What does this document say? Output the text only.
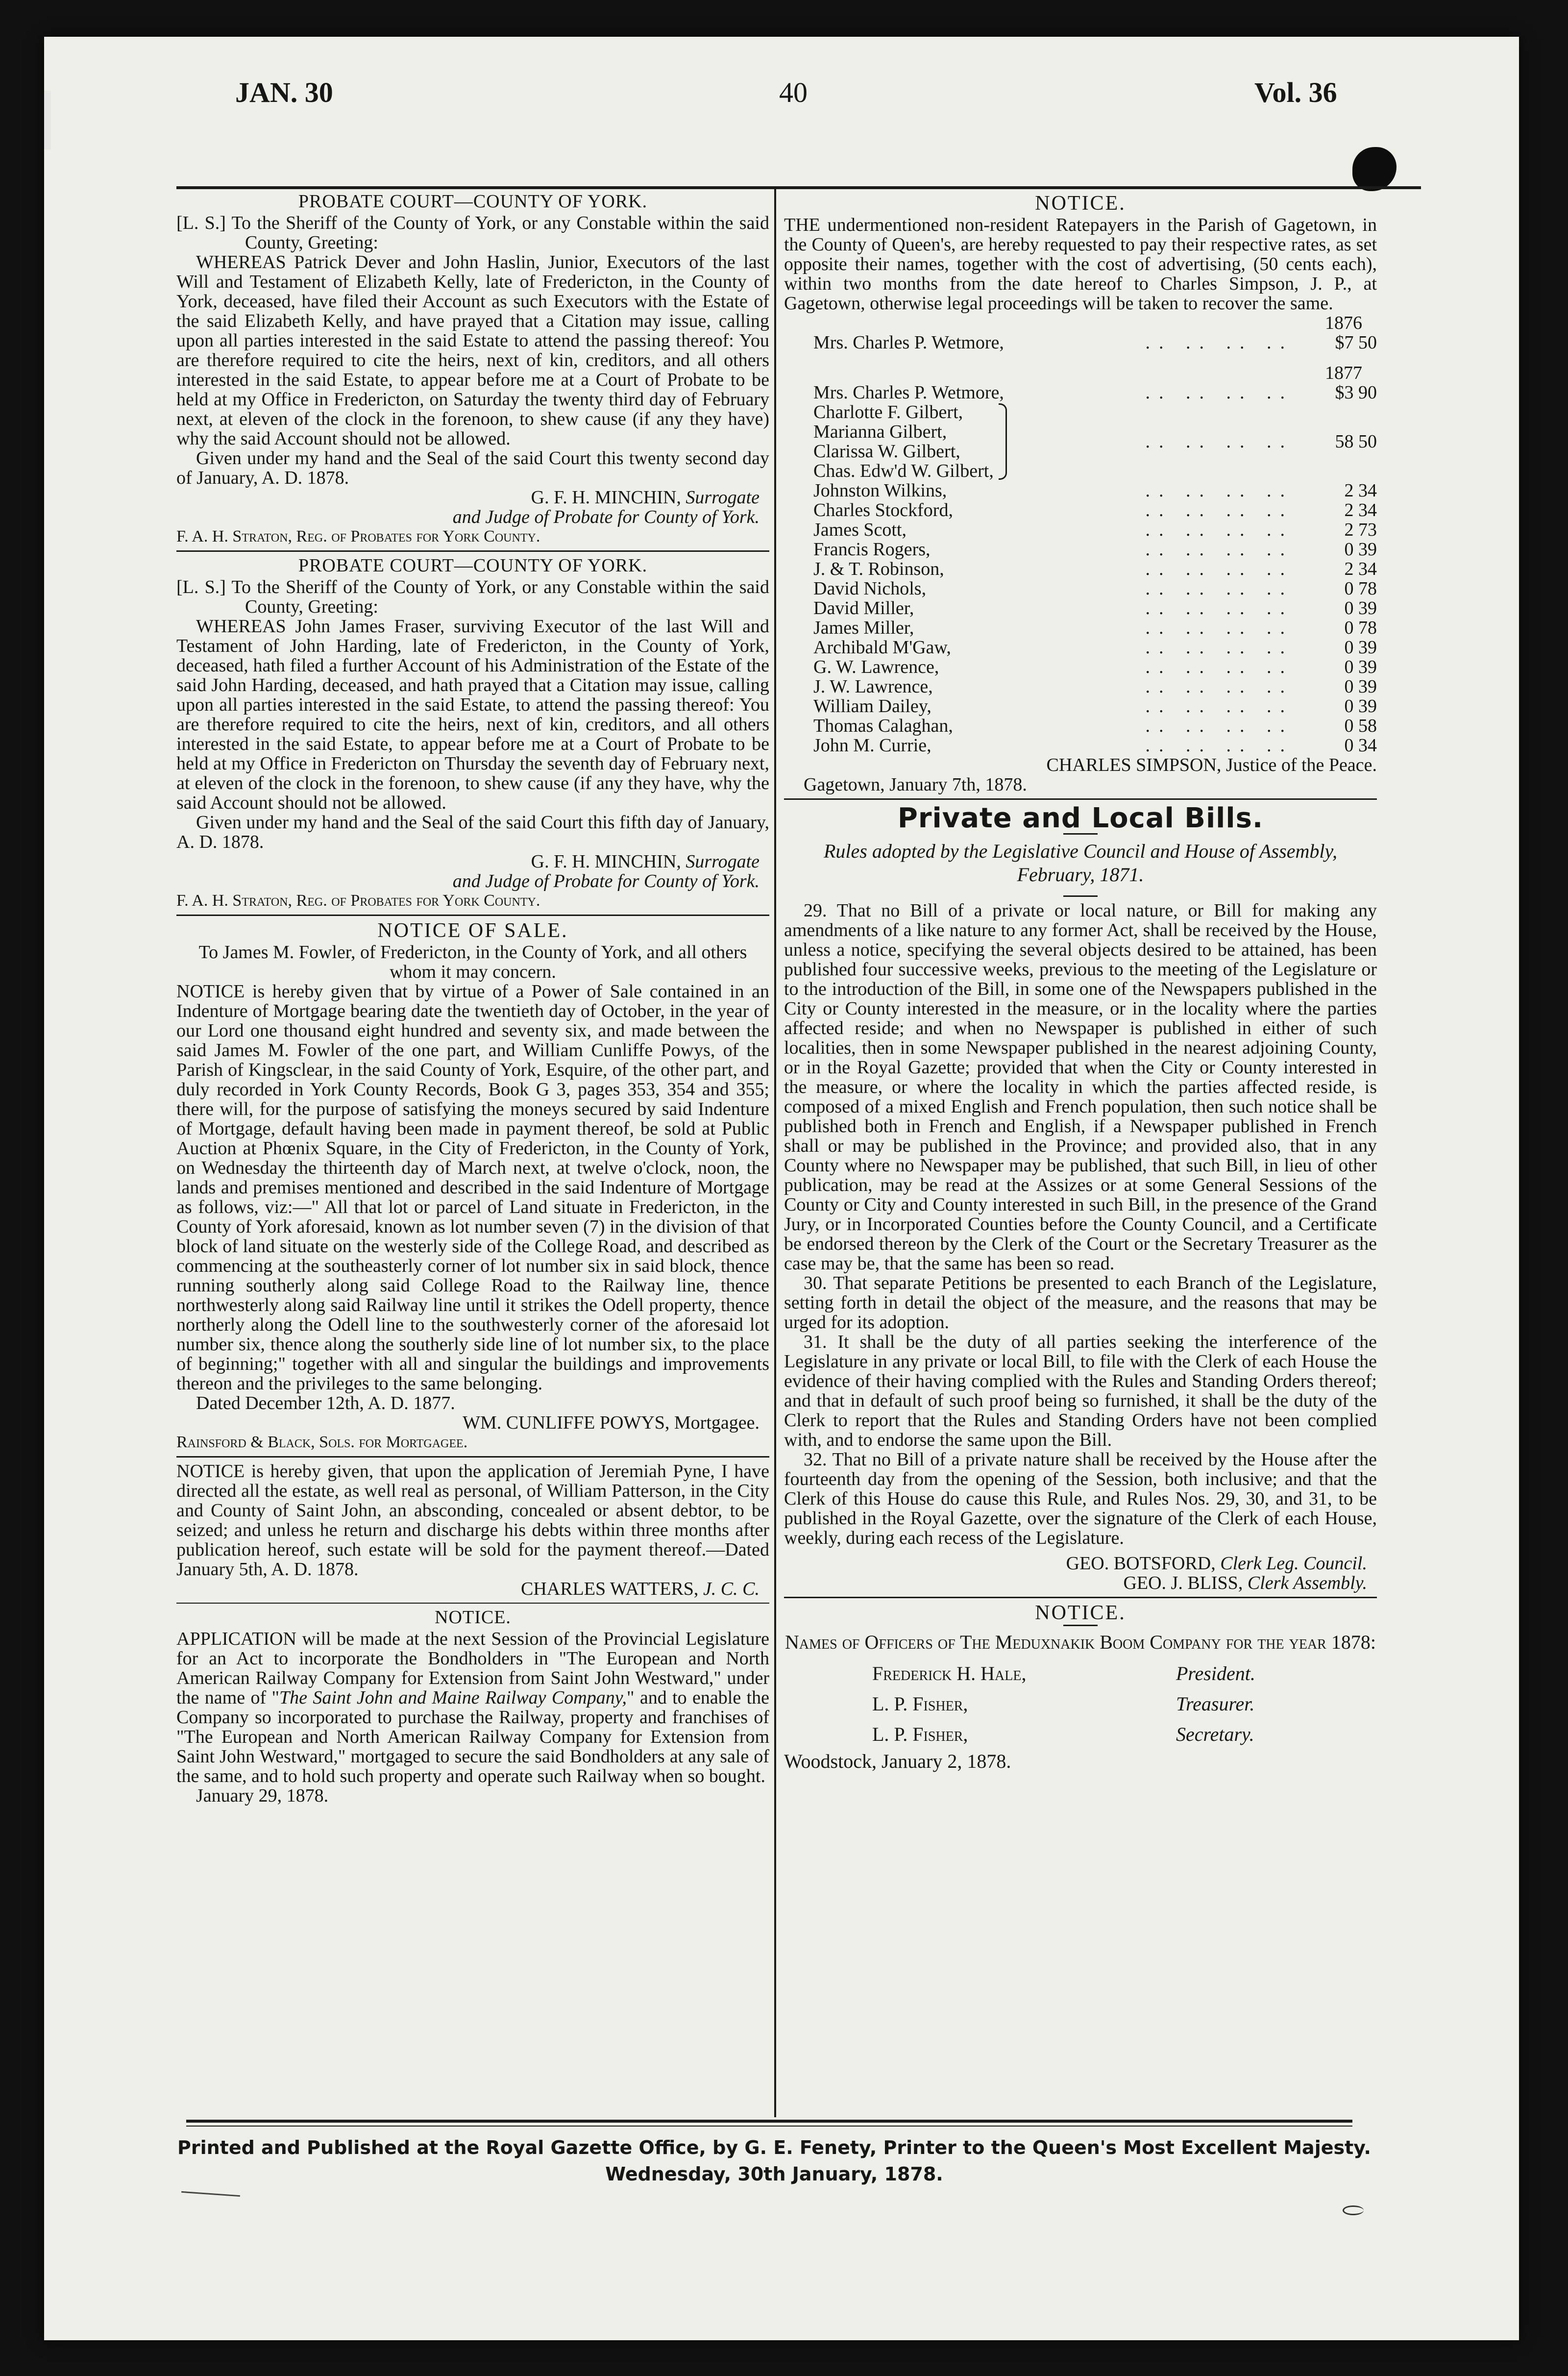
JAN. 30	40	Vol. 36
PROBATE COURT—COUNTY OF YORK.

[L. S.] To the Sheriff of the County of York, or any Constable within the said County, Greeting:

WHEREAS Patrick Dever and John Haslin, Junior, Executors of the last Will and Testament of Elizabeth Kelly, late of Fredericton, in the County of York, deceased, have filed their Account as such Executors with the Estate of the said Elizabeth Kelly, and have prayed that a Citation may issue, calling upon all parties interested in the said Estate to attend the passing thereof: You are therefore required to cite the heirs, next of kin, creditors, and all others interested in the said Estate, to appear before me at a Court of Probate to be held at my Office in Fredericton, on Saturday the twenty third day of February next, at eleven of the clock in the forenoon, to shew cause (if any they have) why the said Account should not be allowed.

Given under my hand and the Seal of the said Court this twenty second day of January, A. D. 1878.

G. F. H. MINCHIN, Surrogate

and Judge of Probate for County of York.

F. A. H. Straton, Reg. of Probates for York County.

PROBATE COURT—COUNTY OF YORK.

[L. S.] To the Sheriff of the County of York, or any Constable within the said County, Greeting:

WHEREAS John James Fraser, surviving Executor of the last Will and Testament of John Harding, late of Fredericton, in the County of York, deceased, hath filed a further Account of his Administration of the Estate of the said John Harding, deceased, and hath prayed that a Citation may issue, calling upon all parties interested in the said Estate, to attend the passing thereof: You are therefore required to cite the heirs, next of kin, creditors, and all others interested in the said Estate, to appear before me at a Court of Probate to be held at my Office in Fredericton on Thursday the seventh day of February next, at eleven of the clock in the forenoon, to shew cause (if any they have, why the said Account should not be allowed.

Given under my hand and the Seal of the said Court this fifth day of January, A. D. 1878.

G. F. H. MINCHIN, Surrogate

and Judge of Probate for County of York.

F. A. H. Straton, Reg. of Probates for York County.

NOTICE OF SALE.

To James M. Fowler, of Fredericton, in the County of York, and all others whom it may concern.

NOTICE is hereby given that by virtue of a Power of Sale contained in an Indenture of Mortgage bearing date the twentieth day of October, in the year of our Lord one thousand eight hundred and seventy six, and made between the said James M. Fowler of the one part, and William Cunliffe Powys, of the Parish of Kingsclear, in the said County of York, Esquire, of the other part, and duly recorded in York County Records, Book G 3, pages 353, 354 and 355; there will, for the purpose of satisfying the moneys secured by said Indenture of Mortgage, default having been made in payment thereof, be sold at Public Auction at Phœnix Square, in the City of Fredericton, in the County of York, on Wednesday the thirteenth day of March next, at twelve o'clock, noon, the lands and premises mentioned and described in the said Indenture of Mortgage as follows, viz:—" All that lot or parcel of Land situate in Fredericton, in the County of York aforesaid, known as lot number seven (7) in the division of that block of land situate on the westerly side of the College Road, and described as commencing at the southeasterly corner of lot number six in said block, thence running southerly along said College Road to the Railway line, thence northwesterly along said Railway line until it strikes the Odell property, thence northerly along the Odell line to the southwesterly corner of the aforesaid lot number six, thence along the southerly side line of lot number six, to the place of beginning;" together with all and singular the buildings and improvements thereon and the privileges to the same belonging.

Dated December 12th, A. D. 1877.

WM. CUNLIFFE POWYS, Mortgagee.

Rainsford & Black, Sols. for Mortgagee.

NOTICE is hereby given, that upon the application of Jeremiah Pyne, I have directed all the estate, as well real as personal, of William Patterson, in the City and County of Saint John, an absconding, concealed or absent debtor, to be seized; and unless he return and discharge his debts within three months after publication hereof, such estate will be sold for the payment thereof.—Dated January 5th, A. D. 1878.

CHARLES WATTERS, J. C. C.

NOTICE.

APPLICATION will be made at the next Session of the Provincial Legislature for an Act to incorporate the Bondholders in "The European and North American Railway Company for Extension from Saint John Westward," under the name of "The Saint John and Maine Railway Company," and to enable the Company so incorporated to purchase the Railway, property and franchises of "The European and North American Railway Company for Extension from Saint John Westward," mortgaged to secure the said Bondholders at any sale of the same, and to hold such property and operate such Railway when so bought.

January 29, 1878.

NOTICE.

THE undermentioned non-resident Ratepayers in the Parish of Gagetown, in the County of Queen's, are hereby requested to pay their respective rates, as set opposite their names, together with the cost of advertising, (50 cents each), within two months from the date hereof to Charles Simpson, J. P., at Gagetown, otherwise legal proceedings will be taken to recover the same.

1876

Mrs. Charles P. Wetmore,	.. .. .. ..	$7 50

1877

Mrs. Charles P. Wetmore,	.. .. .. ..	$3 90

Charlotte F. Gilbert,
Marianna Gilbert,
Clarissa W. Gilbert,
Chas. Edw'd W. Gilbert,	.. .. .. ..	58 50
Johnston Wilkins,	.. .. .. ..	2 34
Charles Stockford,	.. .. .. ..	2 34
James Scott,	.. .. .. ..	2 73
Francis Rogers,	.. .. .. ..	0 39
J. & T. Robinson,	.. .. .. ..	2 34
David Nichols,	.. .. .. ..	0 78
David Miller,	.. .. .. ..	0 39
James Miller,	.. .. .. ..	0 78
Archibald M'Gaw,	.. .. .. ..	0 39
G. W. Lawrence,	.. .. .. ..	0 39
J. W. Lawrence,	.. .. .. ..	0 39
William Dailey,	.. .. .. ..	0 39
Thomas Calaghan,	.. .. .. ..	0 58
John M. Currie,	.. .. .. ..	0 34

CHARLES SIMPSON, Justice of the Peace.

Gagetown, January 7th, 1878.

Private and Local Bills.
Rules adopted by the Legislative Council and House of Assembly, February, 1871.

29. That no Bill of a private or local nature, or Bill for making any amendments of a like nature to any former Act, shall be received by the House, unless a notice, specifying the several objects desired to be attained, has been published four successive weeks, previous to the meeting of the Legislature or to the introduction of the Bill, in some one of the Newspapers published in the City or County interested in the measure, or in the locality where the parties affected reside; and when no Newspaper is published in either of such localities, then in some Newspaper published in the nearest adjoining County, or in the Royal Gazette; provided that when the City or County interested in the measure, or where the locality in which the parties affected reside, is composed of a mixed English and French population, then such notice shall be published both in French and English, if a Newspaper published in French shall or may be published in the Province; and provided also, that in any County where no Newspaper may be published, that such Bill, in lieu of other publication, may be read at the Assizes or at some General Sessions of the County or City and County interested in such Bill, in the presence of the Grand Jury, or in Incorporated Counties before the County Council, and a Certificate be endorsed thereon by the Clerk of the Court or the Secretary Treasurer as the case may be, that the same has been so read.

30. That separate Petitions be presented to each Branch of the Legislature, setting forth in detail the object of the measure, and the reasons that may be urged for its adoption.

31. It shall be the duty of all parties seeking the interference of the Legislature in any private or local Bill, to file with the Clerk of each House the evidence of their having complied with the Rules and Standing Orders thereof; and that in default of such proof being so furnished, it shall be the duty of the Clerk to report that the Rules and Standing Orders have not been complied with, and to endorse the same upon the Bill.

32. That no Bill of a private nature shall be received by the House after the fourteenth day from the opening of the Session, both inclusive; and that the Clerk of this House do cause this Rule, and Rules Nos. 29, 30, and 31, to be published in the Royal Gazette, over the signature of the Clerk of each House, weekly, during each recess of the Legislature.

GEO. BOTSFORD, Clerk Leg. Council.

GEO. J. BLISS, Clerk Assembly.

NOTICE.
Names of Officers of The Meduxnakik Boom Company for the year 1878:
Frederick H. Hale,	President.
L. P. Fisher,	Treasurer.
L. P. Fisher,	Secretary.

Woodstock, January 2, 1878.

Printed and Published at the Royal Gazette Office, by G. E. Fenety, Printer to the Queen's Most Excellent Majesty.
Wednesday, 30th January, 1878.
